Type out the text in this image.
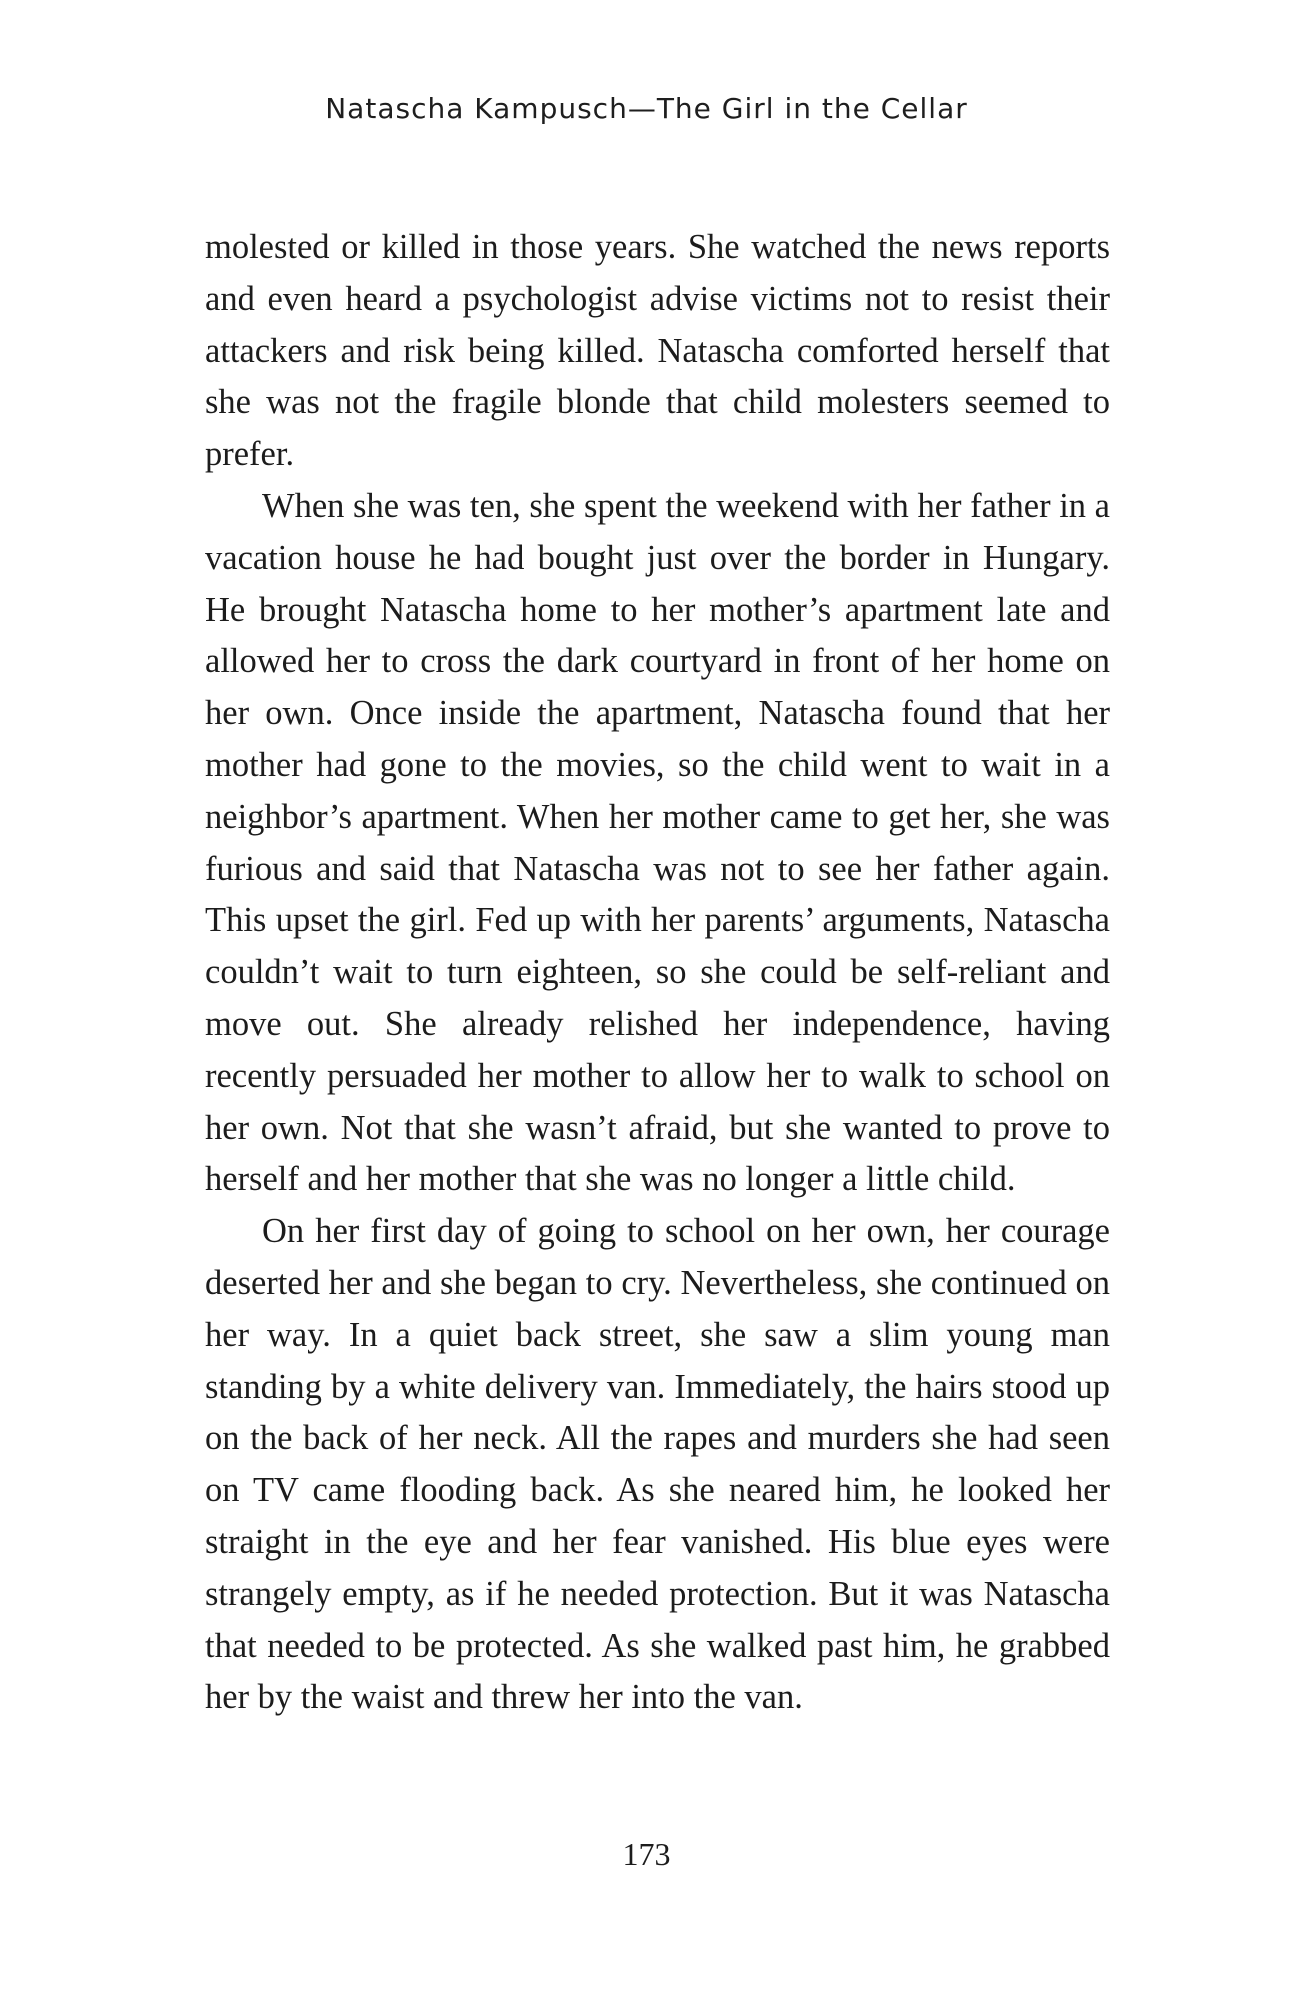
Natascha Kampusch—The Girl in the Cellar

molested or killed in those years. She watched the news reports and even heard a psychologist advise victims not to resist their attackers and risk being killed. Natascha comforted herself that she was not the fragile blonde that child molesters seemed to prefer.

When she was ten, she spent the weekend with her father in a vacation house he had bought just over the border in Hungary. He brought Natascha home to her mother’s apartment late and allowed her to cross the dark courtyard in front of her home on her own. Once inside the apartment, Natascha found that her mother had gone to the movies, so the child went to wait in a neighbor’s apartment. When her mother came to get her, she was furious and said that Natascha was not to see her father again. This upset the girl. Fed up with her parents’ arguments, Natascha couldn’t wait to turn eighteen, so she could be self-reliant and move out. She already relished her independence, having recently persuaded her mother to allow her to walk to school on her own. Not that she wasn’t afraid, but she wanted to prove to herself and her mother that she was no longer a little child.

On her first day of going to school on her own, her courage deserted her and she began to cry. Nevertheless, she continued on her way. In a quiet back street, she saw a slim young man standing by a white delivery van. Immediately, the hairs stood up on the back of her neck. All the rapes and murders she had seen on TV came flooding back. As she neared him, he looked her straight in the eye and her fear vanished. His blue eyes were strangely empty, as if he needed protection. But it was Natascha that needed to be protected. As she walked past him, he grabbed her by the waist and threw her into the van.

173
